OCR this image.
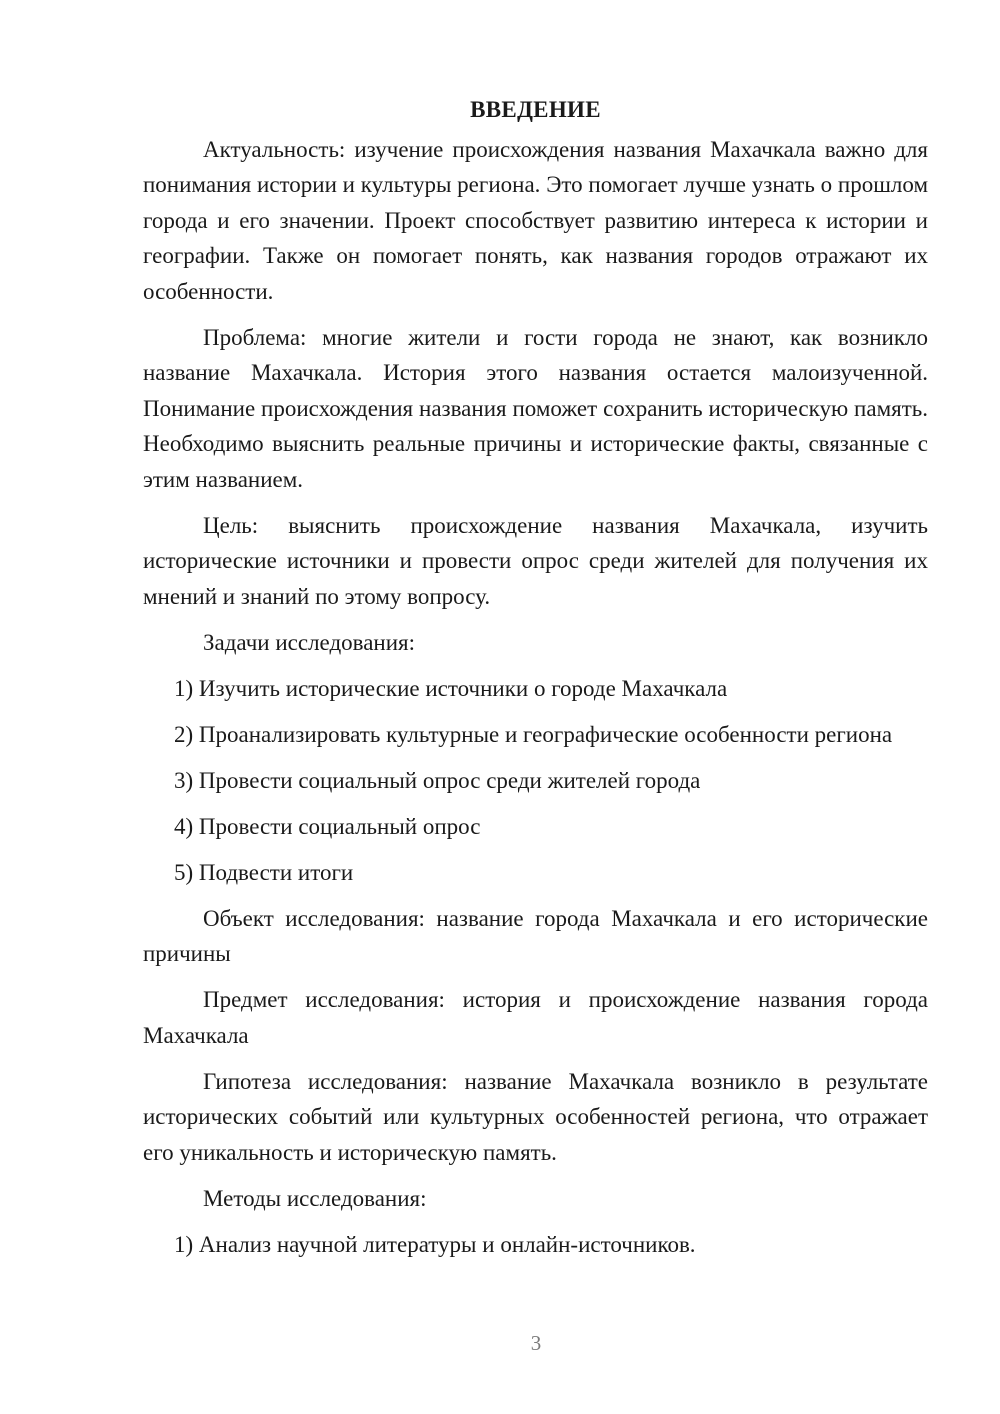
ВВЕДЕНИЕ

Актуальность: изучение происхождения названия Махачкала важно для понимания истории и культуры региона. Это помогает лучше узнать о прошлом города и его значении. Проект способствует развитию интереса к истории и географии. Также он помогает понять, как названия городов отражают их особенности.

Проблема: многие жители и гости города не знают, как возникло название Махачкала. История этого названия остается малоизученной. Понимание происхождения названия поможет сохранить историческую память. Необходимо выяснить реальные причины и исторические факты, связанные с этим названием.

Цель: выяснить происхождение названия Махачкала, изучить исторические источники и провести опрос среди жителей для получения их мнений и знаний по этому вопросу.

Задачи исследования:

1) Изучить исторические источники о городе Махачкала

2) Проанализировать культурные и географические особенности региона

3) Провести социальный опрос среди жителей города

4) Провести социальный опрос

5) Подвести итоги

Объект исследования: название города Махачкала и его исторические причины

Предмет исследования: история и происхождение названия города Махачкала

Гипотеза исследования: название Махачкала возникло в результате исторических событий или культурных особенностей региона, что отражает его уникальность и историческую память.

Методы исследования:

1) Анализ научной литературы и онлайн-источников.

3
